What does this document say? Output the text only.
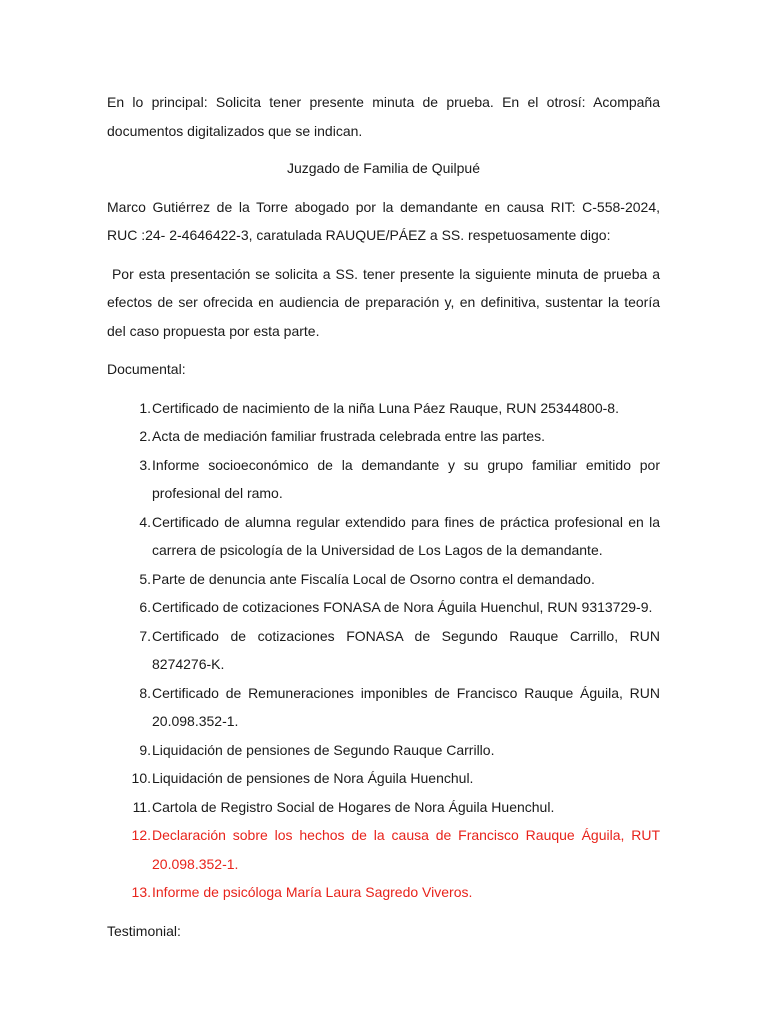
En lo principal: Solicita tener presente minuta de prueba. En el otrosí: Acompaña documentos digitalizados que se indican.

Juzgado de Familia de Quilpué

Marco Gutiérrez de la Torre abogado por la demandante en causa RIT: C-558-2024, RUC :24- 2-4646422-3, caratulada RAUQUE/PÁEZ a SS. respetuosamente digo:

Por esta presentación se solicita a SS. tener presente la siguiente minuta de prueba a efectos de ser ofrecida en audiencia de preparación y, en definitiva, sustentar la teoría del caso propuesta por esta parte.

Documental:

1. Certificado de nacimiento de la niña Luna Páez Rauque, RUN 25344800-8.
2. Acta de mediación familiar frustrada celebrada entre las partes.
3. Informe socioeconómico de la demandante y su grupo familiar emitido por profesional del ramo.
4. Certificado de alumna regular extendido para fines de práctica profesional en la carrera de psicología de la Universidad de Los Lagos de la demandante.
5. Parte de denuncia ante Fiscalía Local de Osorno contra el demandado.
6. Certificado de cotizaciones FONASA de Nora Águila Huenchul, RUN 9313729-9.
7. Certificado de cotizaciones FONASA de Segundo Rauque Carrillo, RUN 8274276-K.
8. Certificado de Remuneraciones imponibles de Francisco Rauque Águila, RUN 20.098.352-1.
9. Liquidación de pensiones de Segundo Rauque Carrillo.
10. Liquidación de pensiones de Nora Águila Huenchul.
11. Cartola de Registro Social de Hogares de Nora Águila Huenchul.
12. Declaración sobre los hechos de la causa de Francisco Rauque Águila, RUT 20.098.352-1.
13. Informe de psicóloga María Laura Sagredo Viveros.

Testimonial:
